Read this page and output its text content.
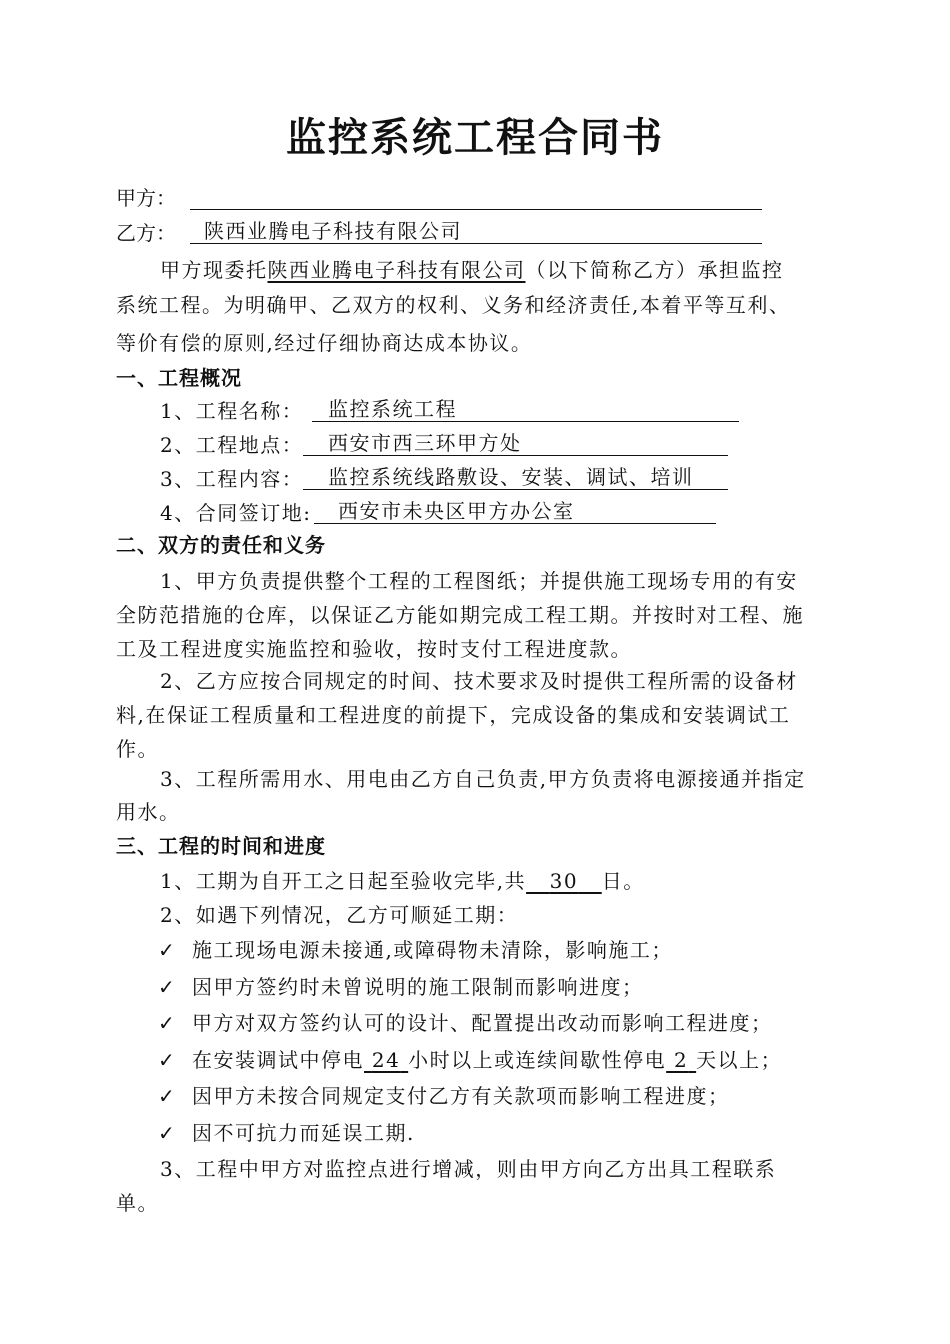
监控系统工程合同书
甲方：
乙方：	陕西业腾电子科技有限公司
甲方现委托陕西业腾电子科技有限公司（以下简称乙方）承担监控
系统工程。为明确甲、乙双方的权利、义务和经济责任,本着平等互利、
等价有偿的原则,经过仔细协商达成本协议。
一、工程概况
1、工程名称：	监控系统工程
2、工程地点：	西安市西三环甲方处
3、工程内容：	监控系统线路敷设、安装、调试、培训
4、合同签订地:	西安市未央区甲方办公室
二、双方的责任和义务
1、甲方负责提供整个工程的工程图纸；并提供施工现场专用的有安
全防范措施的仓库，以保证乙方能如期完成工程工期。并按时对工程、施
工及工程进度实施监控和验收，按时支付工程进度款。
2、乙方应按合同规定的时间、技术要求及时提供工程所需的设备材
料,在保证工程质量和工程进度的前提下，完成设备的集成和安装调试工
作。
3、工程所需用水、用电由乙方自己负责,甲方负责将电源接通并指定
用水。
三、工程的时间和进度
1、工期为自开工之日起至验收完毕,共 30 日。
2、如遇下列情况，乙方可顺延工期：
✓ 施工现场电源未接通,或障碍物未清除，影响施工；
✓ 因甲方签约时未曾说明的施工限制而影响进度；
✓ 甲方对双方签约认可的设计、配置提出改动而影响工程进度；
✓ 在安装调试中停电 24 小时以上或连续间歇性停电 2 天以上；
✓ 因甲方未按合同规定支付乙方有关款项而影响工程进度；
✓ 因不可抗力而延误工期.
3、工程中甲方对监控点进行增减，则由甲方向乙方出具工程联系
单。
